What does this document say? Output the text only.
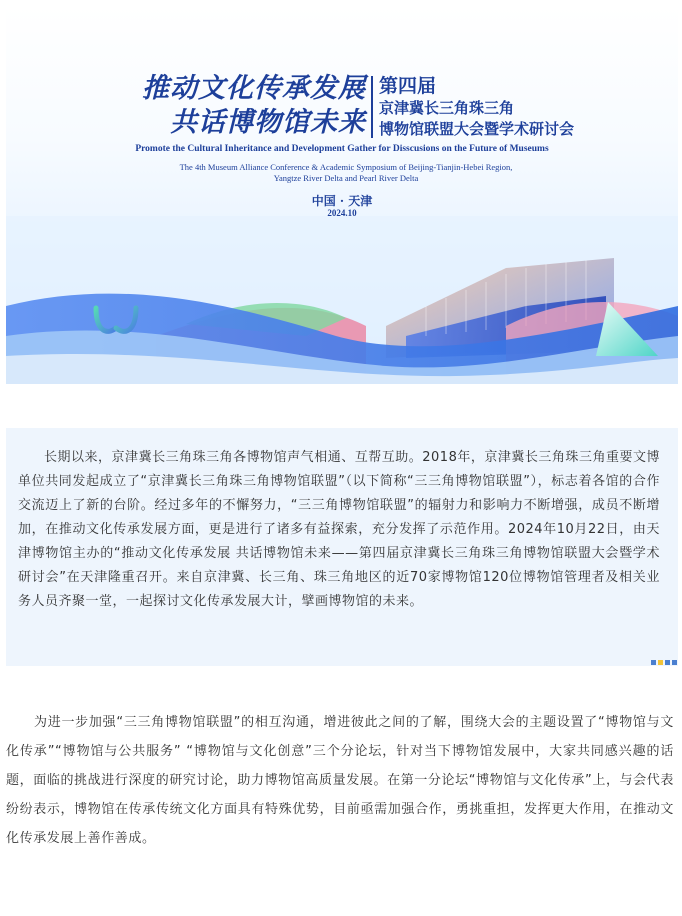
推动文化传承发展
共话博物馆未来
第四届
京津冀长三角珠三角
博物馆联盟大会暨学术研讨会
Promote the Cultural Inheritance and Development Gather for Disscusions on the Future of Museums
The 4th Museum Alliance Conference & Academic Symposium of Beijing-Tianjin-Hebei Region,
Yangtze River Delta and Pearl River Delta
中国 · 天津
2024.10

长期以来，京津冀长三角珠三角各博物馆声气相通、互帮互助。2018年，京津冀长三角珠三角重要文博单位共同发起成立了“京津冀长三角珠三角博物馆联盟”（以下简称“三三角博物馆联盟”），标志着各馆的合作交流迈上了新的台阶。经过多年的不懈努力，“三三角博物馆联盟”的辐射力和影响力不断增强，成员不断增加，在推动文化传承发展方面，更是进行了诸多有益探索，充分发挥了示范作用。2024年10月22日，由天津博物馆主办的“推动文化传承发展 共话博物馆未来——第四届京津冀长三角珠三角博物馆联盟大会暨学术研讨会”在天津隆重召开。来自京津冀、长三角、珠三角地区的近70家博物馆120位博物馆管理者及相关业务人员齐聚一堂，一起探讨文化传承发展大计，擘画博物馆的未来。

为进一步加强“三三角博物馆联盟”的相互沟通，增进彼此之间的了解，围绕大会的主题设置了“博物馆与文化传承”“博物馆与公共服务” “博物馆与文化创意”三个分论坛，针对当下博物馆发展中，大家共同感兴趣的话题，面临的挑战进行深度的研究讨论，助力博物馆高质量发展。在第一分论坛“博物馆与文化传承”上，与会代表纷纷表示，博物馆在传承传统文化方面具有特殊优势，目前亟需加强合作，勇挑重担，发挥更大作用，在推动文化传承发展上善作善成。
